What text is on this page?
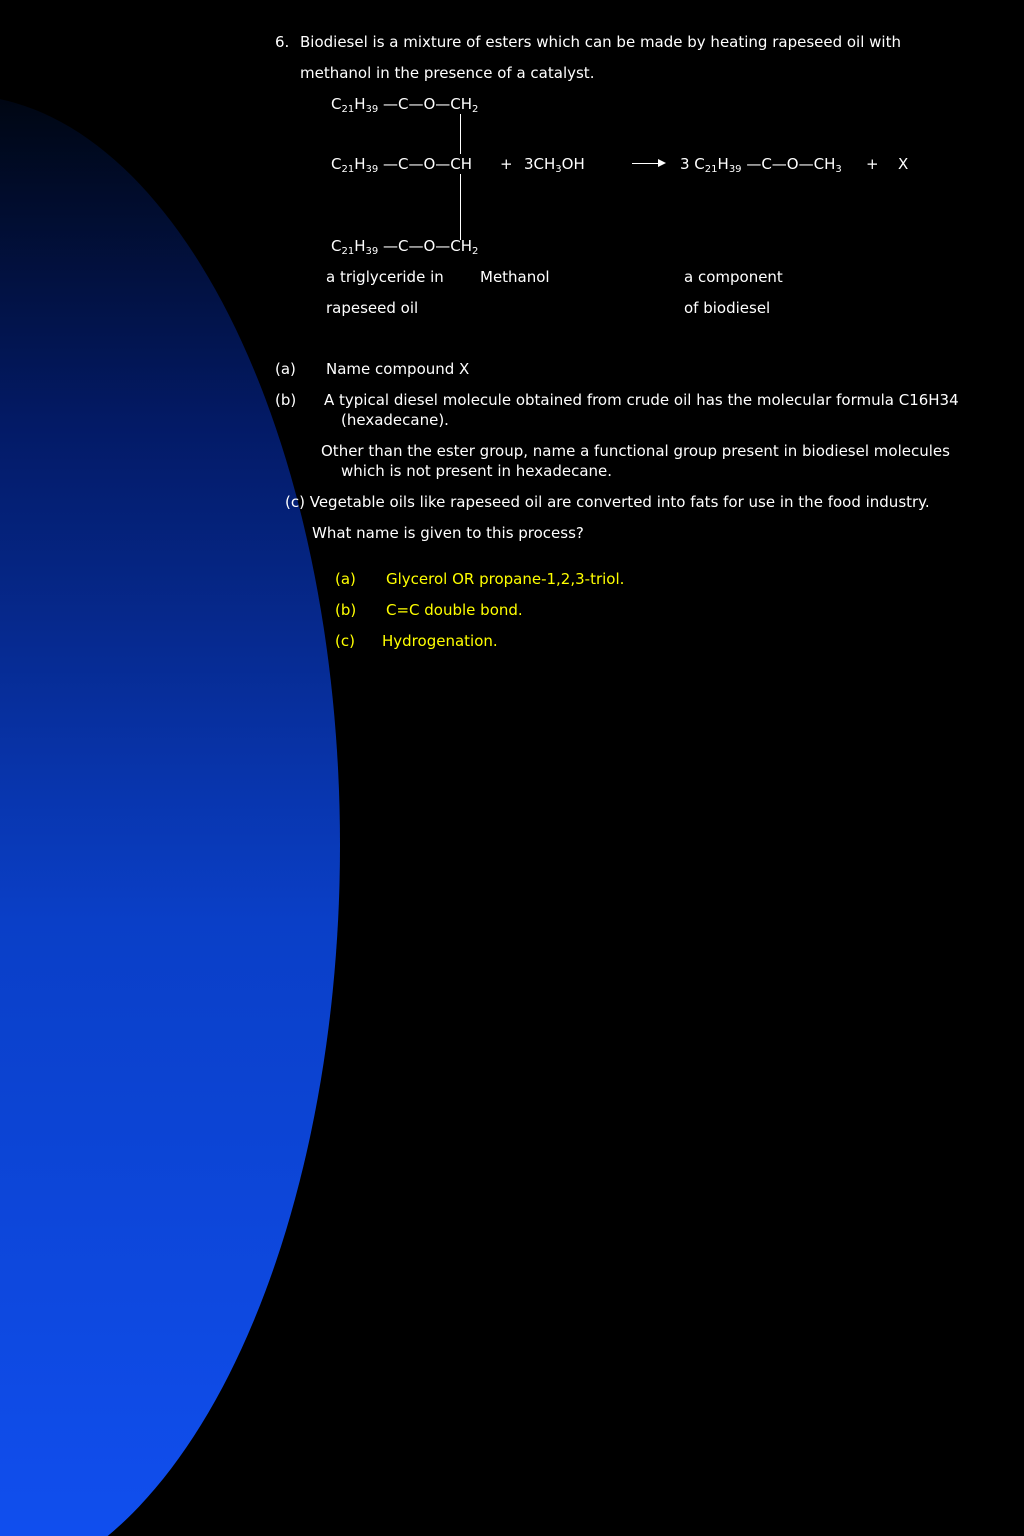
6. Biodiesel is a mixture of esters which can be made by heating rapeseed oil with
methanol in the presence of a catalyst.
$C_{21}H_{39}$ $—C—O—CH_2$
$C_{21}H_{39}$ —C—O—CH + $3CH_3OH$	3 $C_{21}H_{39}$ $—C—O—CH_3 + X$
$C_{21}H_{39}$ $—C—O—CH_2$
a triglyceride in Methanol	a component
rapeseed oil	of biodiesel
(a) Name compound X
(b) A typical diesel molecule obtained from crude oil has the molecular formula C16H34
(hexadecane).
Other than the ester group, name a functional group present in biodiesel molecules
which is not present in hexadecane.
(c) Vegetable oils like rapeseed oil are converted into fats for use in the food industry.
What name is given to this process?
(a) Glycerol OR propane-1,2,3-triol.
(b) C=C double bond.
(c) Hydrogenation.
